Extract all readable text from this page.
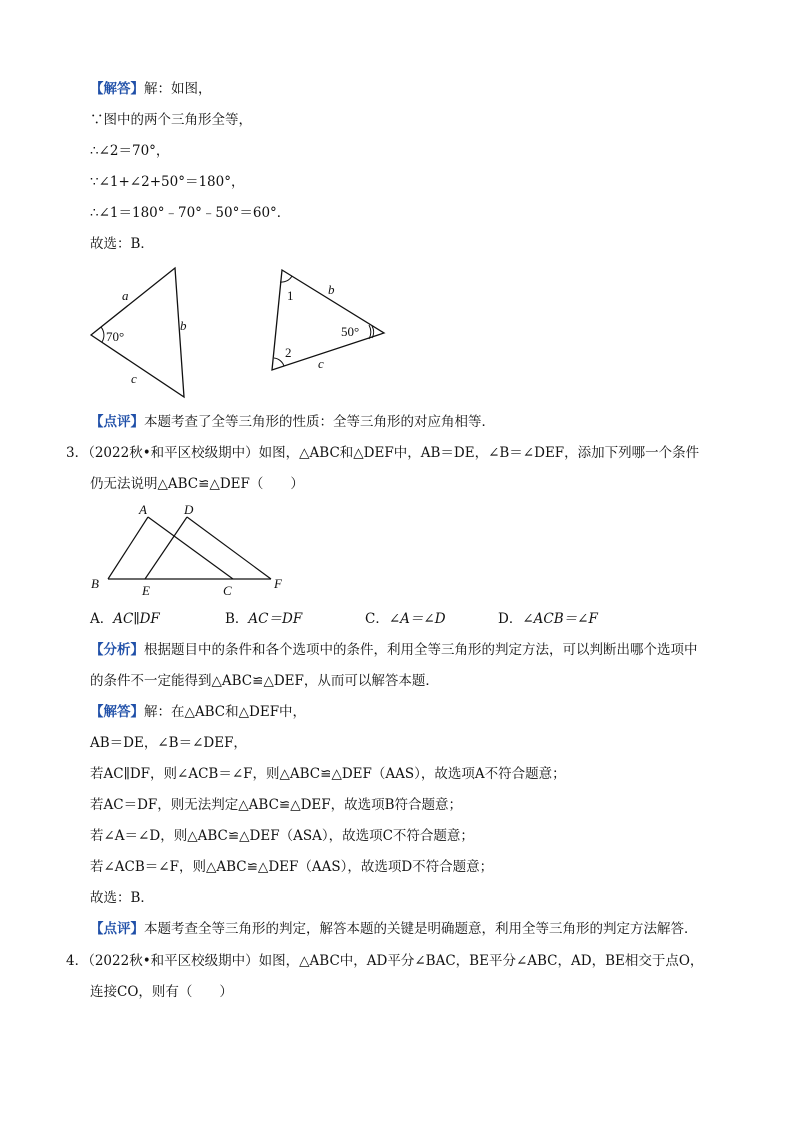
【解答】解：如图，
∵图中的两个三角形全等，
∴∠2＝70°，
∵∠1+∠2+50°＝180°，
∴∠1＝180°﹣70°﹣50°＝60°．
故选：B．
70°
a
b
c
1
2
50°
b
c
【点评】本题考查了全等三角形的性质：全等三角形的对应角相等．
3．（2022秋•和平区校级期中）如图，△ABC和△DEF中，AB＝DE，∠B＝∠DEF，添加下列哪一个条件
仍无法说明△ABC≌△DEF（　　）
A	D
B	E	C	F
A．AC∥DF	B．AC＝DF	C．∠A＝∠D	D．∠ACB＝∠F
【分析】根据题目中的条件和各个选项中的条件，利用全等三角形的判定方法，可以判断出哪个选项中
的条件不一定能得到△ABC≌△DEF，从而可以解答本题．
【解答】解：在△ABC和△DEF中，
AB＝DE，∠B＝∠DEF，
若AC∥DF，则∠ACB＝∠F，则△ABC≌△DEF（AAS），故选项A不符合题意；
若AC＝DF，则无法判定△ABC≌△DEF，故选项B符合题意；
若∠A＝∠D，则△ABC≌△DEF（ASA），故选项C不符合题意；
若∠ACB＝∠F，则△ABC≌△DEF（AAS），故选项D不符合题意；
故选：B．
【点评】本题考查全等三角形的判定，解答本题的关键是明确题意，利用全等三角形的判定方法解答．
4．（2022秋•和平区校级期中）如图，△ABC中，AD平分∠BAC，BE平分∠ABC，AD，BE相交于点O，
连接CO，则有（　　）
